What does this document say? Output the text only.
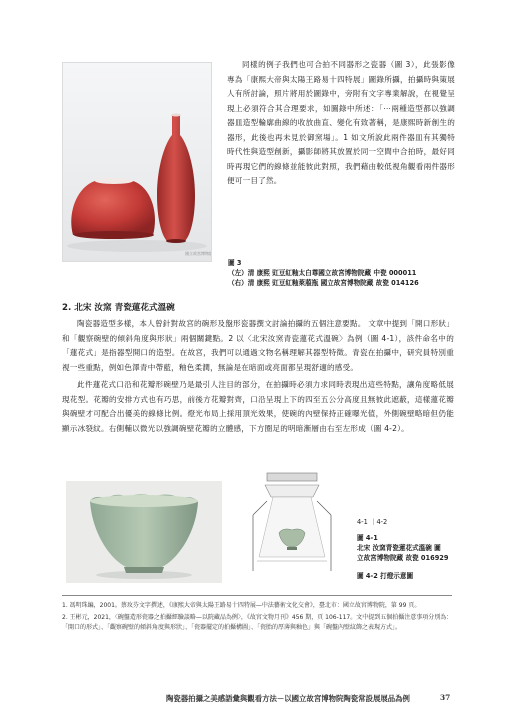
國立故宮博物院

同樣的例子我們也可合拍不同器形之瓷器（圖 3），此張影像專為「康熙大帝與太陽王路易十四特展」圖錄所攝，拍攝時與策展人有所討論，照片將用於圖錄中，旁附有文字專業解說，在視覺呈現上必須符合其合理要求，如圖錄中所述：「⋯兩種造型都以強調器皿造型輪廓曲線的收放曲直、變化有致著稱，是康熙時新創生的器形，此後也再未見於御窯場」。1 如文所說此兩件器皿有其獨特時代性與造型創新，攝影師將其放置於同一空間中合拍時，最好同時再現它們的線條並能彼此對照，我們藉由較低視角觀看兩件器形便可一目了然。

圖 3
（左）清 康熙 豇豆紅釉太白尊國立故宮博物院藏 中瓷 000011
（右）清 康熙 豇豆紅釉萊菔瓶 國立故宮博物院藏 故瓷 014126
2. 北宋 汝窯 青瓷蓮花式溫碗

陶瓷器造型多樣，本人曾針對故宮的碗形及盤形瓷器撰文討論拍攝的五個注意要點。 文章中提到「開口形狀」和「觀察碗壁的傾斜角度與形狀」兩個關鍵點。2 以〈北宋汝窯青瓷蓮花式溫碗〉為例（圖 4-1），該件命名中的「蓮花式」是指器型開口的造型。在故宮，我們可以通過文物名稱理解其器型特徵。青瓷在拍攝中，研究員特別重視一些重點，例如色澤青中帶藍，釉色柔潤，無論是在暗面或亮面都呈現舒適的感受。

此件蓮花式口沿和花瓣形碗壁乃是最引人注目的部分，在拍攝時必須力求同時表現出這些特點，讓角度略低展現花型。花瓣的安排方式也有巧思，前後方花瓣對齊，口沿呈現上下的四至五公分高度且無彼此遮蔽，這樣蓮花瓣與碗壁才可配合出優美的線條比例。燈光布局上採用頂光效果，使碗的內壁保持正確曝光值，外側碗壁略暗但仍能顯示冰裂紋。右側輔以微光以強調碗壁花瓣的立體感，下方圈足的明暗漸層由右至左形成（圖 4-2）。

4-1 ｜4-2
圖 4-1
北宋 汝窯青瓷蓮花式溫碗 圖
立故宮博物院藏 故瓷 016929
圖 4-2 打燈示意圖
1. 馮明珠編，2001。蔡玫芬文字撰述，《康熙大帝與太陽王路易十四特展—中法藝術文化交會》，臺北市：國立故宮博物院，第 99 頁。
2. 王彬元，2021，〈碗盤造形瓷器之拍攝經驗談略—以院藏品為例〉，《故宮文物月刊》456 期，頁 106-117。文中提到五個拍攝注意事項分別為：「開口的形式」、「觀察碗壁的傾斜角度與形狀」、「瓷器擺定的拍攝構圖」、「瓷胎的厚薄與釉色」與「碗盤內壁紋飾之表現方式」。
陶瓷器拍攝之美感語彙與觀看方法－以國立故宮博物院陶瓷常設展展品為例	37
